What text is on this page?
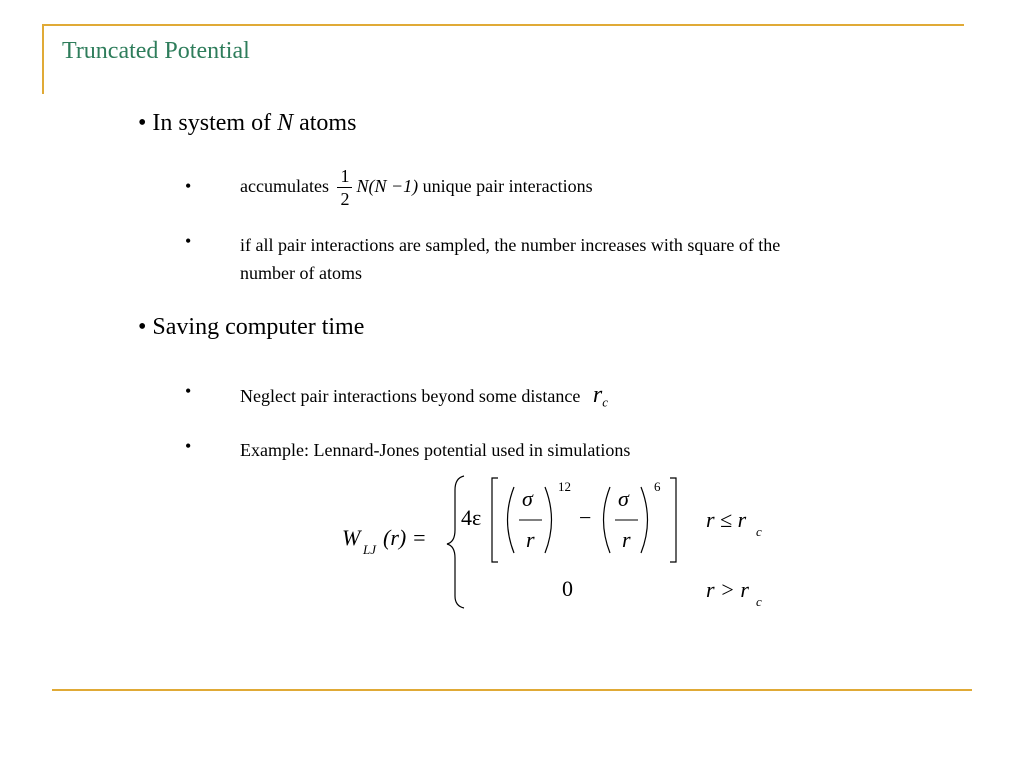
Truncated Potential
• In system of N atoms
•	accumulates $\frac{1}{2} N(N -1)$ unique pair interactions
•	if all pair interactions are sampled, the number increases with square of the
number of atoms
• Saving computer time
•	Neglect pair interactions beyond some distance $r_c$
•	Example: Lennard-Jones potential used in simulations
W LJ (r) =
4ε
σ
r
12
−
σ
r
6
r ≤ r c
0	r > r c
